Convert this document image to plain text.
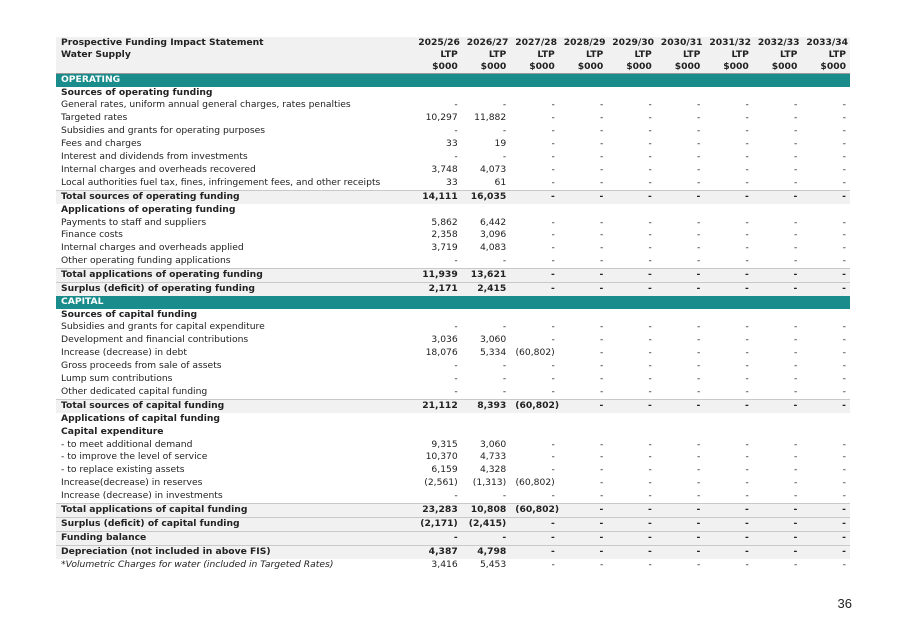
Prospective Funding Impact Statement	2025/26	2026/27	2027/28	2028/29	2029/30	2030/31	2031/32	2032/33	2033/34
Water Supply	LTP	LTP	LTP	LTP	LTP	LTP	LTP	LTP	LTP
	$000	$000	$000	$000	$000	$000	$000	$000	$000
OPERATING									
Sources of operating funding									
General rates, uniform annual general charges, rates penalties	-	-	-	-	-	-	-	-	-
Targeted rates	10,297	11,882	-	-	-	-	-	-	-
Subsidies and grants for operating purposes	-	-	-	-	-	-	-	-	-
Fees and charges	33	19	-	-	-	-	-	-	-
Interest and dividends from investments	-	-	-	-	-	-	-	-	-
Internal charges and overheads recovered	3,748	4,073	-	-	-	-	-	-	-
Local authorities fuel tax, fines, infringement fees, and other receipts	33	61	-	-	-	-	-	-	-
Total sources of operating funding	14,111	16,035	-	-	-	-	-	-	-
Applications of operating funding									
Payments to staff and suppliers	5,862	6,442	-	-	-	-	-	-	-
Finance costs	2,358	3,096	-	-	-	-	-	-	-
Internal charges and overheads applied	3,719	4,083	-	-	-	-	-	-	-
Other operating funding applications	-	-	-	-	-	-	-	-	-
Total applications of operating funding	11,939	13,621	-	-	-	-	-	-	-
Surplus (deficit) of operating funding	2,171	2,415	-	-	-	-	-	-	-
CAPITAL									
Sources of capital funding									
Subsidies and grants for capital expenditure	-	-	-	-	-	-	-	-	-
Development and financial contributions	3,036	3,060	-	-	-	-	-	-	-
Increase (decrease) in debt	18,076	5,334	(60,802)	-	-	-	-	-	-
Gross proceeds from sale of assets	-	-	-	-	-	-	-	-	-
Lump sum contributions	-	-	-	-	-	-	-	-	-
Other dedicated capital funding	-	-	-	-	-	-	-	-	-
Total sources of capital funding	21,112	8,393	(60,802)	-	-	-	-	-	-
Applications of capital funding									
Capital expenditure									
- to meet additional demand	9,315	3,060	-	-	-	-	-	-	-
- to improve the level of service	10,370	4,733	-	-	-	-	-	-	-
- to replace existing assets	6,159	4,328	-	-	-	-	-	-	-
Increase(decrease) in reserves	(2,561)	(1,313)	(60,802)	-	-	-	-	-	-
Increase (decrease) in investments	-	-	-	-	-	-	-	-	-
Total applications of capital funding	23,283	10,808	(60,802)	-	-	-	-	-	-
Surplus (deficit) of capital funding	(2,171)	(2,415)	-	-	-	-	-	-	-
Funding balance	-	-	-	-	-	-	-	-	-
Depreciation (not included in above FIS)	4,387	4,798	-	-	-	-	-	-	-
*Volumetric Charges for water (included in Targeted Rates)	3,416	5,453	-	-	-	-	-	-	-
36
